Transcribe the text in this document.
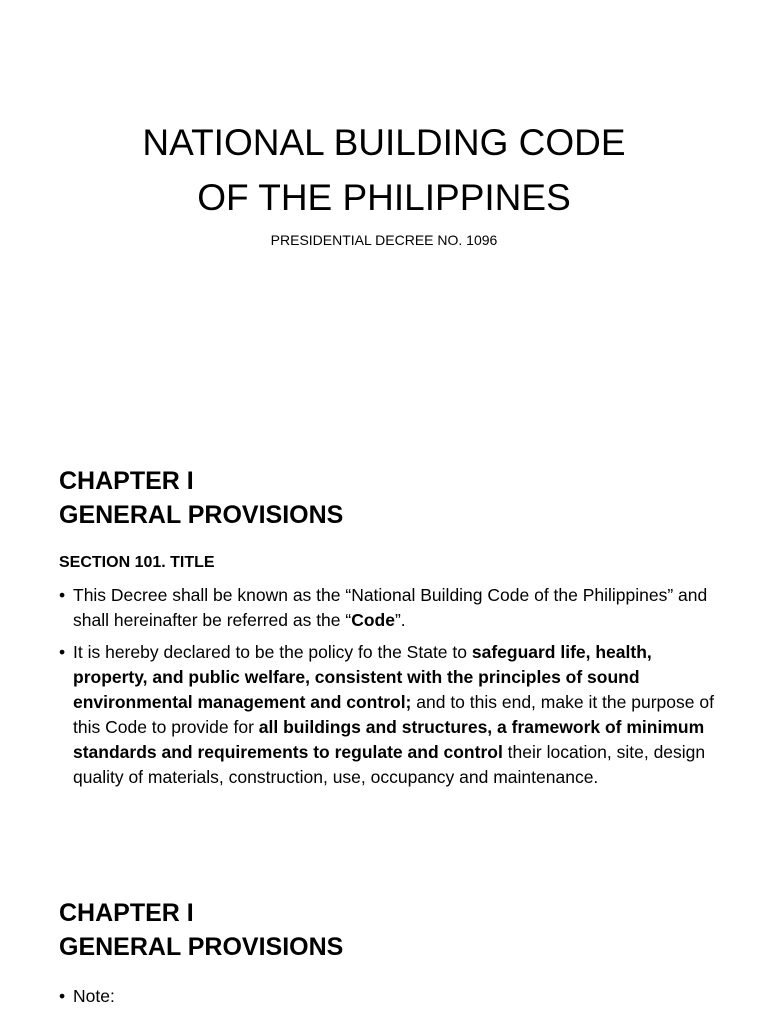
NATIONAL BUILDING CODE
OF THE PHILIPPINES

PRESIDENTIAL DECREE NO. 1096

CHAPTER I
GENERAL PROVISIONS
SECTION 101. TITLE
• This Decree shall be known as the “National Building Code of the Philippines” and shall hereinafter be referred as the “Code”.
• It is hereby declared to be the policy fo the State to safeguard life, health, property, and public welfare, consistent with the principles of sound environmental management and control; and to this end, make it the purpose of this Code to provide for all buildings and structures, a framework of minimum standards and requirements to regulate and control their location, site, design quality of materials, construction, use, occupancy and maintenance.
CHAPTER I
GENERAL PROVISIONS
• Note:
